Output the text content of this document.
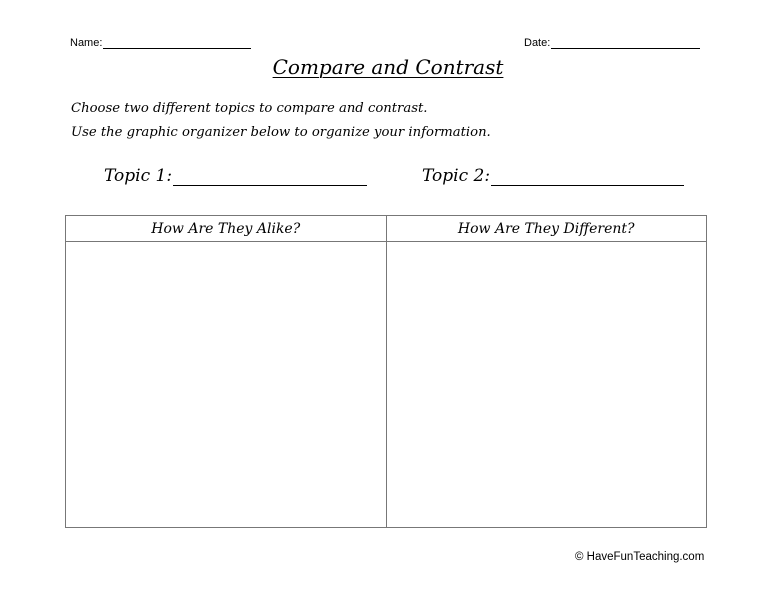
Name:	Date:
Compare and Contrast
Choose two different topics to compare and contrast.
Use the graphic organizer below to organize your information.
Topic 1:	Topic 2:
How Are They Alike?	How Are They Different?
© HaveFunTeaching.com
